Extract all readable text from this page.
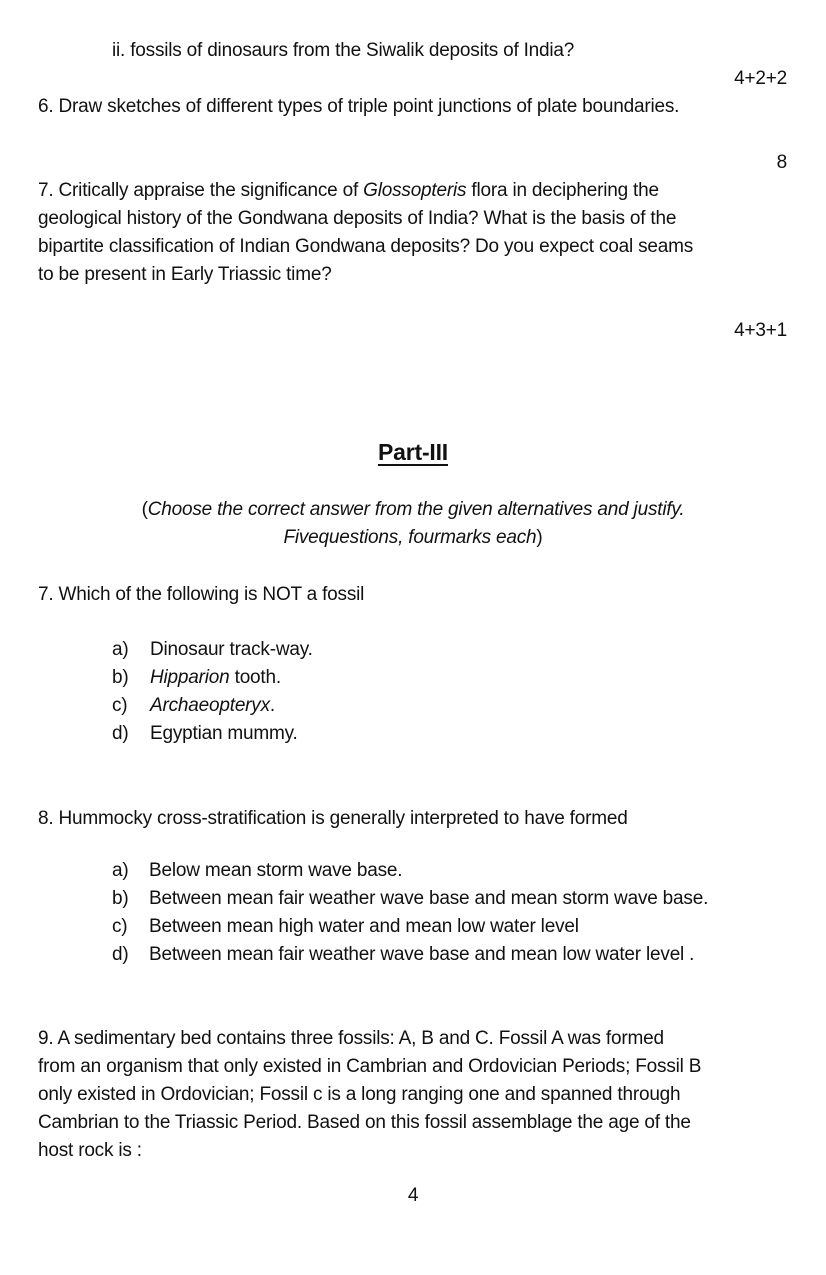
ii. fossils of dinosaurs from the Siwalik deposits of India?
4+2+2
6. Draw sketches of different types of triple point junctions of plate boundaries.
8
7. Critically appraise the significance of Glossopteris flora in deciphering the
geological history of the Gondwana deposits of India? What is the basis of the
bipartite classification of Indian Gondwana deposits? Do you expect coal seams
to be present in Early Triassic time?
4+3+1
Part-III
(Choose the correct answer from the given alternatives and justify.
Fivequestions, fourmarks each)
7. Which of the following is NOT a fossil
a) Dinosaur track-way.
b) Hipparion tooth.
c) Archaeopteryx.
d) Egyptian mummy.
8. Hummocky cross-stratification is generally interpreted to have formed
a) Below mean storm wave base.
b) Between mean fair weather wave base and mean storm wave base.
c) Between mean high water and mean low water level
d) Between mean fair weather wave base and mean low water level .
9. A sedimentary bed contains three fossils: A, B and C. Fossil A was formed
from an organism that only existed in Cambrian and Ordovician Periods; Fossil B
only existed in Ordovician; Fossil c is a long ranging one and spanned through
Cambrian to the Triassic Period. Based on this fossil assemblage the age of the
host rock is :
4
